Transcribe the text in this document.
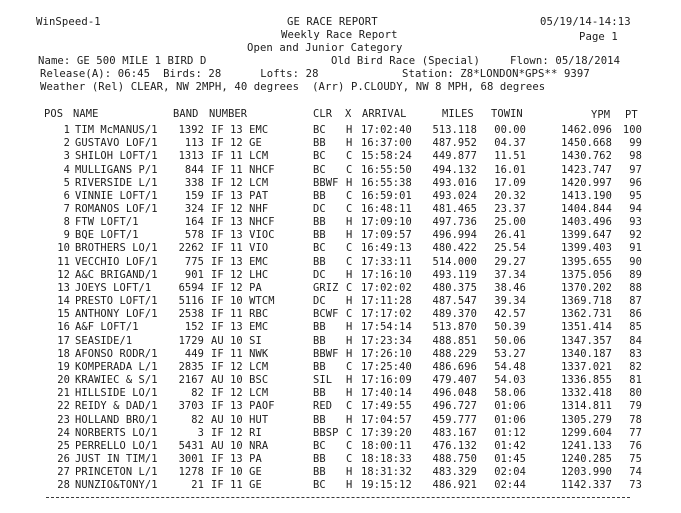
WinSpeed-1	GE RACE REPORT	05/19/14-14:13
Weekly Race Report	Page 1
Open and Junior Category
Name: GE 500 MILE 1 BIRD D	Old Bird Race (Special)	Flown: 05/18/2014
Release(A): 06:45  Birds: 28      Lofts: 28	Station: Z8*LONDON*GPS** 9397
Weather (Rel) CLEAR, NW 2MPH, 40 degrees  (Arr) P.CLOUDY, NW 8 MPH, 68 degrees
POS NAME	BAND NUMBER	CLR X ARRIVAL	MILES TOWIN	YPM PT
1 TIM McMANUS/1	1392 IF 13 EMC	BC	H 17:02:40	513.118	00.00	1462.096	100
2 GUSTAVO LOF/1	113 IF 12 GE	BB	H 16:37:00	487.952	04.37	1450.668	99
3 SHILOH LOFT/1	1313 IF 11 LCM	BC	C 15:58:24	449.877	11.51	1430.762	98
4 MULLIGANS P/1	844 IF 11 NHCF	BC	C 16:55:50	494.132	16.01	1423.747	97
5 RIVERSIDE L/1	338 IF 12 LCM	BBWF H 16:55:38	493.016	17.09	1420.997	96
6 VINNIE LOFT/1	159 IF 13 PAT	BB	C 16:59:01	493.024	20.32	1413.190	95
7 ROMANOS LOF/1	324 IF 12 NHF	DC	C 16:48:11	481.465	23.37	1404.844	94
8 FTW LOFT/1	164 IF 13 NHCF	BB	H 17:09:10	497.736	25.00	1403.496	93
9 BQE LOFT/1	578 IF 13 VIOC	BB	H 17:09:57	496.994	26.41	1399.647	92
10 BROTHERS LO/1	2262 IF 11 VIO	BC	C 16:49:13	480.422	25.54	1399.403	91
11 VECCHIO LOF/1	775 IF 13 EMC	BB	C 17:33:11	514.000	29.27	1395.655	90
12 A&C BRIGAND/1	901 IF 12 LHC	DC	H 17:16:10	493.119	37.34	1375.056	89
13 JOEYS LOFT/1	6594 IF 12 PA	GRIZ C 17:02:02	480.375	38.46	1370.202	88
14 PRESTO LOFT/1	5116 IF 10 WTCM	DC	H 17:11:28	487.547	39.34	1369.718	87
15 ANTHONY LOF/1	2538 IF 11 RBC	BCWF C 17:17:02	489.370	42.57	1362.731	86
16 A&F LOFT/1	152 IF 13 EMC	BB	H 17:54:14	513.870	50.39	1351.414	85
17 SEASIDE/1	1729 AU 10 SI	BB	H 17:23:34	488.851	50.06	1347.357	84
18 AFONSO RODR/1	449 IF 11 NWK	BBWF H 17:26:10	488.229	53.27	1340.187	83
19 KOMPERADA L/1	2835 IF 12 LCM	BB	C 17:25:40	486.696	54.48	1337.021	82
20 KRAWIEC & S/1	2167 AU 10 BSC	SIL	H 17:16:09	479.407	54.03	1336.855	81
21 HILLSIDE LO/1	82 IF 12 LCM	BB	H 17:40:14	496.048	58.06	1332.418	80
22 REIDY & DAD/1	3703 IF 13 PAOF	RED	C 17:49:55	496.727	01:06	1314.811	79
23 HOLLAND BRO/1	82 AU 10 HUT	BB	H 17:04:57	459.777	01:06	1305.279	78
24 NORBERTS LO/1	3 IF 12 RI	BBSP C 17:39:20	483.167	01:12	1299.604	77
25 PERRELLO LO/1	5431 AU 10 NRA	BC	C 18:00:11	476.132	01:42	1241.133	76
26 JUST IN TIM/1	3001 IF 13 PA	BB	C 18:18:33	488.750	01:45	1240.285	75
27 PRINCETON L/1	1278 IF 10 GE	BB	H 18:31:32	483.329	02:04	1203.990	74
28 NUNZIO&TONY/1	21 IF 11 GE	BC	H 19:15:12	486.921	02:44	1142.337	73
